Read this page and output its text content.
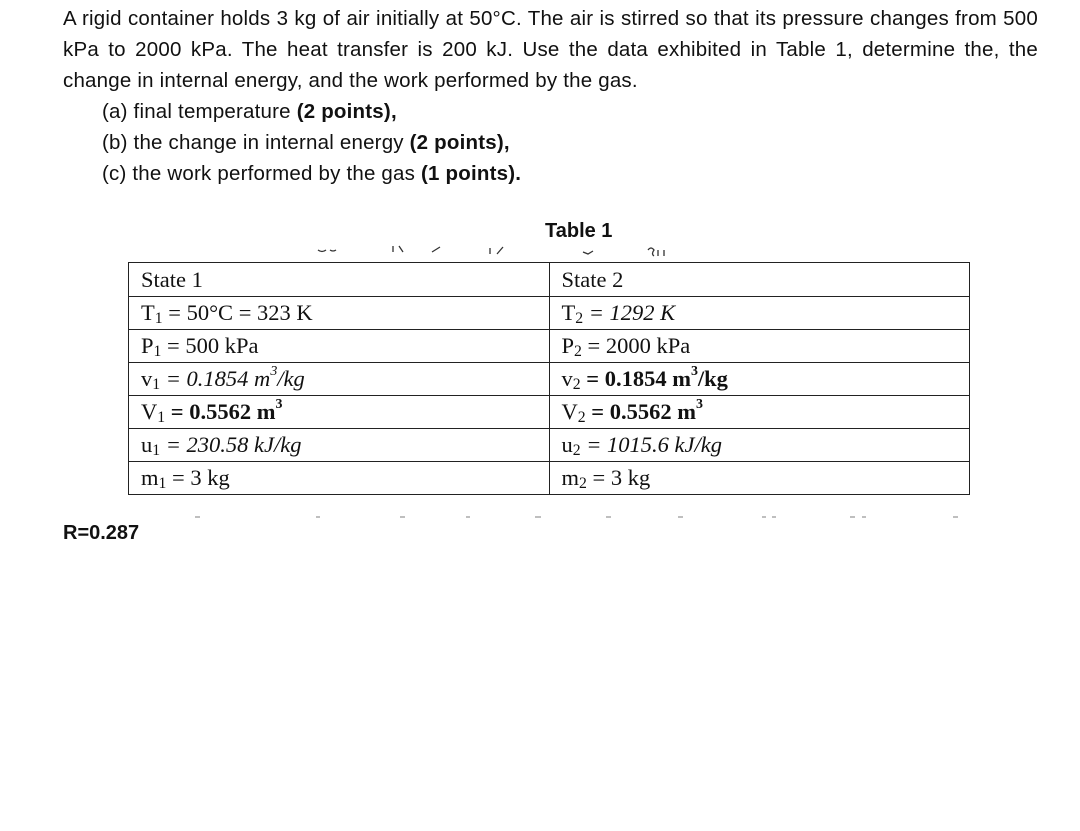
A rigid container holds 3 kg of air initially at 50°C. The air is stirred so that its pressure changes from 500 kPa to 2000 kPa. The heat transfer is 200 kJ. Use the data exhibited in Table 1, determine the, the change in internal energy, and the work performed by the gas.

(a) final temperature (2 points),
(b) the change in internal energy (2 points),
(c) the work performed by the gas (1 points).
Table 1
State 1	State 2
$T_1 = 50^\circ C = 323$ K	$T_2 = 1292$ K
$P_1 = 500$ kPa	$P_2 = 2000$ kPa
$v_1 = 0.1854$ $m^3/kg$	$v_2 = 0.1854$ $m^3/kg$
$V_1 = 0.5562$ $m^3$	$V_2 = 0.5562$ $m^3$
$u_1 = 230.58$ kJ/kg	$u_2 = 1015.6$ kJ/kg
$m_1 = 3$ kg	$m_2 = 3$ kg
R=0.287
